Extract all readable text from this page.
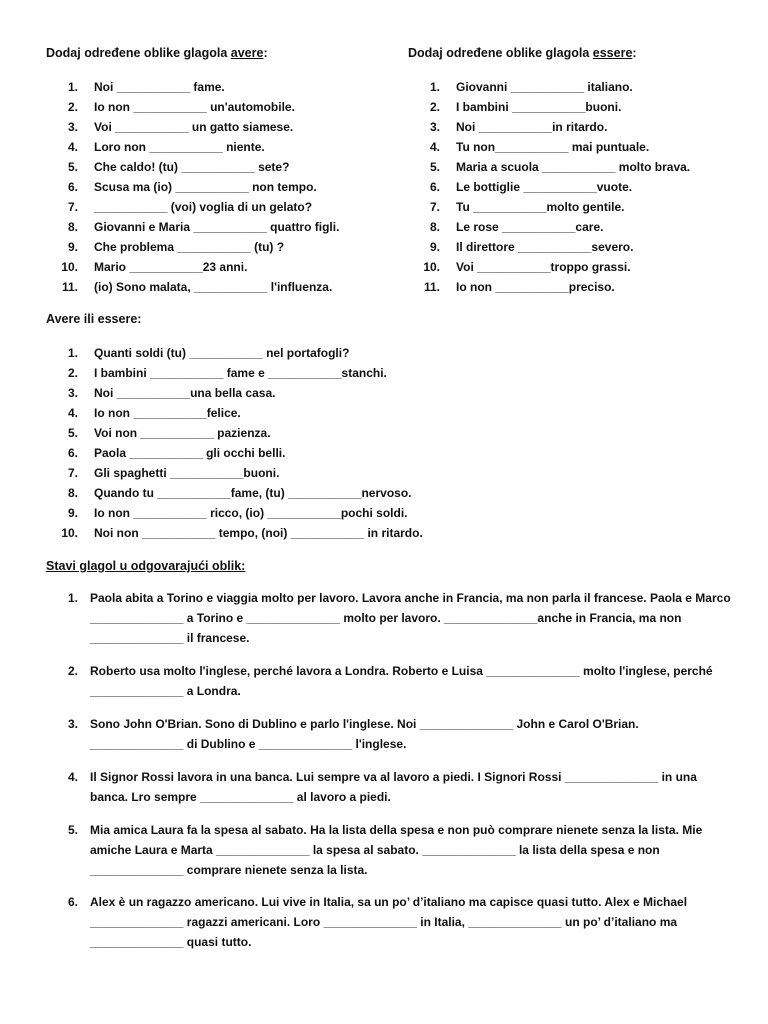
Dodaj određene oblike glagola avere:
1. Noi ___________ fame.
2. Io non ___________ un'automobile.
3. Voi ___________ un gatto siamese.
4. Loro non ___________ niente.
5. Che caldo! (tu) ___________ sete?
6. Scusa ma (io) ___________ non tempo.
7. ___________ (voi) voglia di un gelato?
8. Giovanni e Maria ___________ quattro figli.
9. Che problema ___________ (tu) ?
10. Mario ___________23 anni.
11. (io) Sono malata, ___________ l'influenza.
Dodaj određene oblike glagola essere:
1. Giovanni ___________ italiano.
2. I bambini ___________buoni.
3. Noi ___________in ritardo.
4. Tu non___________ mai puntuale.
5. Maria a scuola ___________ molto brava.
6. Le bottiglie ___________vuote.
7. Tu ___________molto gentile.
8. Le rose ___________care.
9. Il direttore ___________severo.
10. Voi ___________troppo grassi.
11. Io non ___________preciso.
Avere ili essere:
1. Quanti soldi (tu) ___________ nel portafogli?
2. I bambini ___________ fame e ___________stanchi.
3. Noi ___________una bella casa.
4. Io non ___________felice.
5. Voi non ___________ pazienza.
6. Paola ___________ gli occhi belli.
7. Gli spaghetti ___________buoni.
8. Quando tu ___________fame, (tu) ___________nervoso.
9. Io non ___________ ricco, (io) ___________pochi soldi.
10. Noi non ___________ tempo, (noi) ___________ in ritardo.
Stavi glagol u odgovarajući oblik:
1. Paola abita a Torino e viaggia molto per lavoro. Lavora anche in Francia, ma non parla il francese. Paola e Marco
______________ a Torino e ______________ molto per lavoro. ______________anche in Francia, ma non
______________ il francese.
2. Roberto usa molto l'inglese, perché lavora a Londra. Roberto e Luisa ______________ molto l'inglese, perché
______________ a Londra.
3. Sono John O'Brian. Sono di Dublino e parlo l'inglese. Noi ______________ John e Carol O'Brian.
______________ di Dublino e ______________ l'inglese.
4. Il Signor Rossi lavora in una banca. Lui sempre va al lavoro a piedi. I Signori Rossi ______________ in una
banca. Lro sempre ______________ al lavoro a piedi.
5. Mia amica Laura fa la spesa al sabato. Ha la lista della spesa e non può comprare nienete senza la lista. Mie
amiche Laura e Marta ______________ la spesa al sabato. ______________ la lista della spesa e non
______________ comprare nienete senza la lista.
6. Alex è un ragazzo americano. Lui vive in Italia, sa un po’ d’italiano ma capisce quasi tutto. Alex e Michael
______________ ragazzi americani. Loro ______________ in Italia, ______________ un po’ d’italiano ma
______________ quasi tutto.
